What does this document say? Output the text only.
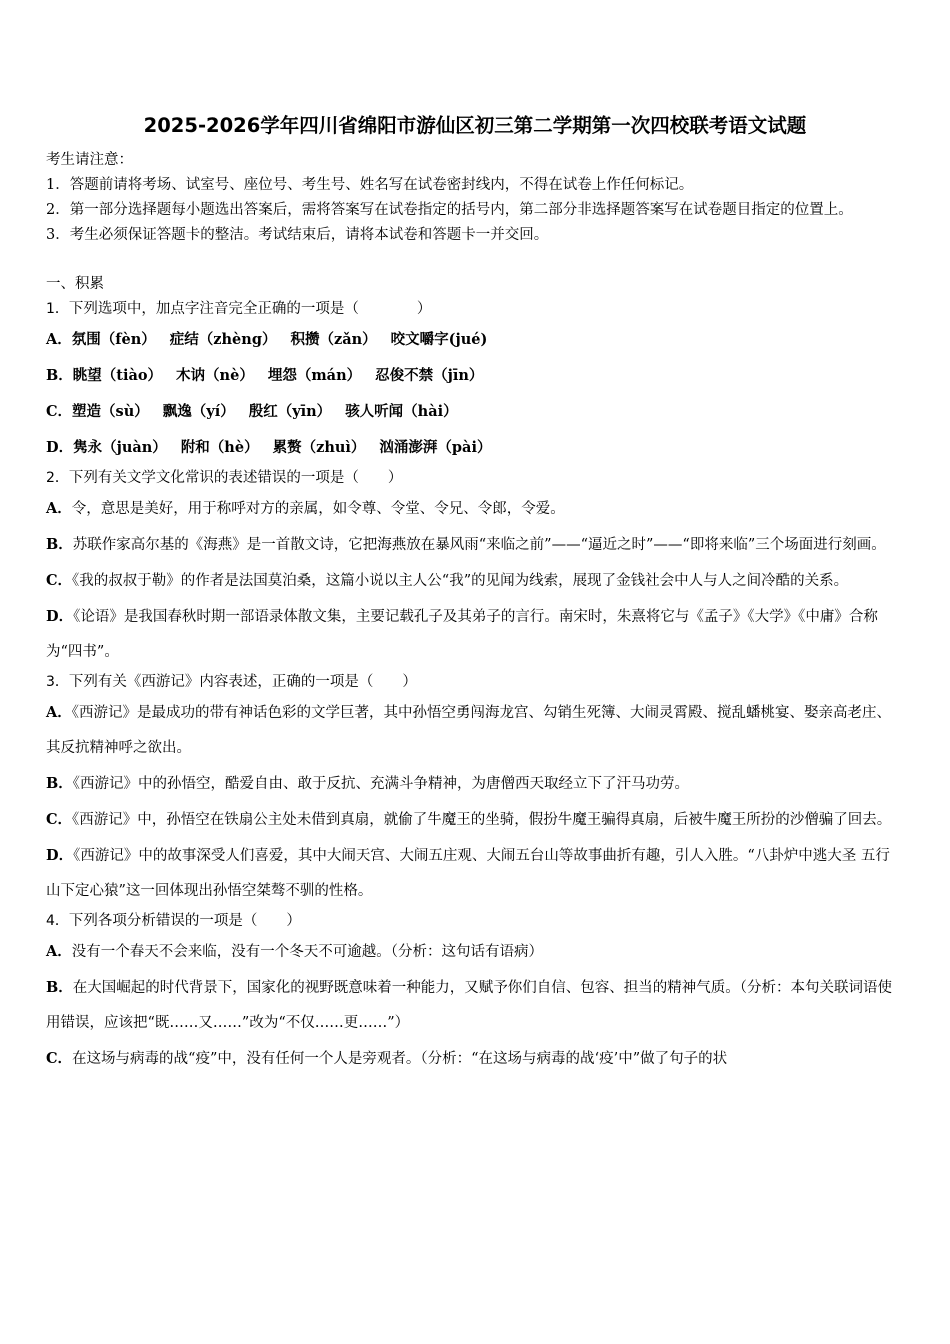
2025-2026学年四川省绵阳市游仙区初三第二学期第一次四校联考语文试题
考生请注意：
1．答题前请将考场、试室号、座位号、考生号、姓名写在试卷密封线内，不得在试卷上作任何标记。
2．第一部分选择题每小题选出答案后，需将答案写在试卷指定的括号内，第二部分非选择题答案写在试卷题目指定的位置上。
3．考生必须保证答题卡的整洁。考试结束后，请将本试卷和答题卡一并交回。
一、积累
1．下列选项中，加点字注音完全正确的一项是（　　　　）
A．氛围（fèn） 症结（zhèng） 积攒（zǎn） 咬文嚼字(jué)
B．眺望（tiào） 木讷（nè） 埋怨（mán） 忍俊不禁（jīn）
C．塑造（sù） 飘逸（yí） 殷红（yīn） 骇人听闻（hài）
D．隽永（juàn） 附和（hè） 累赘（zhuì） 汹涌澎湃（pài）
2．下列有关文学文化常识的表述错误的一项是（　　）
A．令，意思是美好，用于称呼对方的亲属，如令尊、令堂、令兄、令郎，令爱。
B．苏联作家高尔基的《海燕》是一首散文诗，它把海燕放在暴风雨“来临之前”——“逼近之时”——“即将来临”三个场面进行刻画。
C．《我的叔叔于勒》的作者是法国莫泊桑，这篇小说以主人公“我”的见闻为线索，展现了金钱社会中人与人之间冷酷的关系。
D．《论语》是我国春秋时期一部语录体散文集，主要记载孔子及其弟子的言行。南宋时，朱熹将它与《孟子》《大学》《中庸》合称为“四书”。
3．下列有关《西游记》内容表述，正确的一项是（　　）
A．《西游记》是最成功的带有神话色彩的文学巨著，其中孙悟空勇闯海龙宫、勾销生死簿、大闹灵霄殿、搅乱蟠桃宴、娶亲高老庄、其反抗精神呼之欲出。
B．《西游记》中的孙悟空，酷爱自由、敢于反抗、充满斗争精神，为唐僧西天取经立下了汗马功劳。
C．《西游记》中，孙悟空在铁扇公主处未借到真扇，就偷了牛魔王的坐骑，假扮牛魔王骗得真扇，后被牛魔王所扮的沙僧骗了回去。
D．《西游记》中的故事深受人们喜爱，其中大闹天宫、大闹五庄观、大闹五台山等故事曲折有趣，引人入胜。“八卦炉中逃大圣 五行山下定心猿”这一回体现出孙悟空桀骜不驯的性格。
4．下列各项分析错误的一项是（　　）
A．没有一个春天不会来临，没有一个冬天不可逾越。（分析：这句话有语病）
B．在大国崛起的时代背景下，国家化的视野既意味着一种能力，又赋予你们自信、包容、担当的精神气质。（分析：本句关联词语使用错误，应该把“既……又……”改为“不仅……更……”）
C．在这场与病毒的战“疫”中，没有任何一个人是旁观者。（分析：“在这场与病毒的战‘疫’中”做了句子的状
